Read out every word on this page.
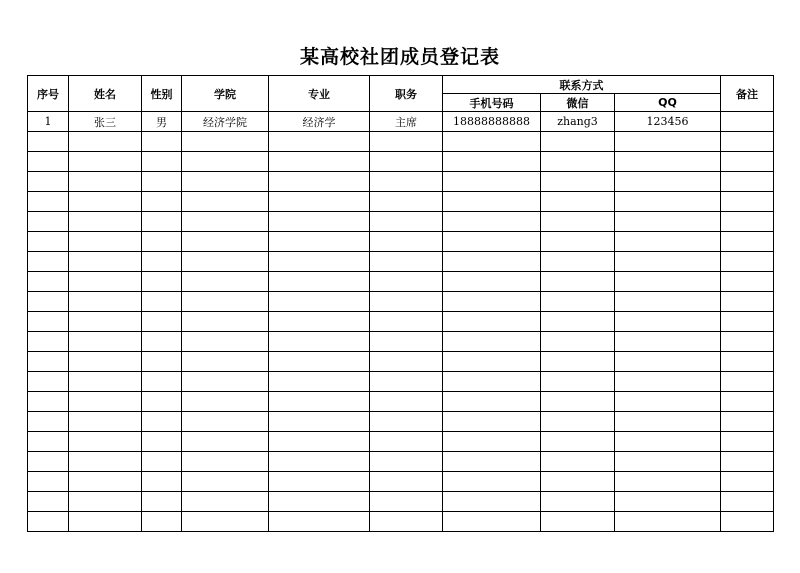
某高校社团成员登记表
序号	姓名	性别	学院	专业	职务	联系方式			备注
						手机号码	微信	QQ	
1	张三	男	经济学院	经济学	主席	18888888888	zhang3	123456	
